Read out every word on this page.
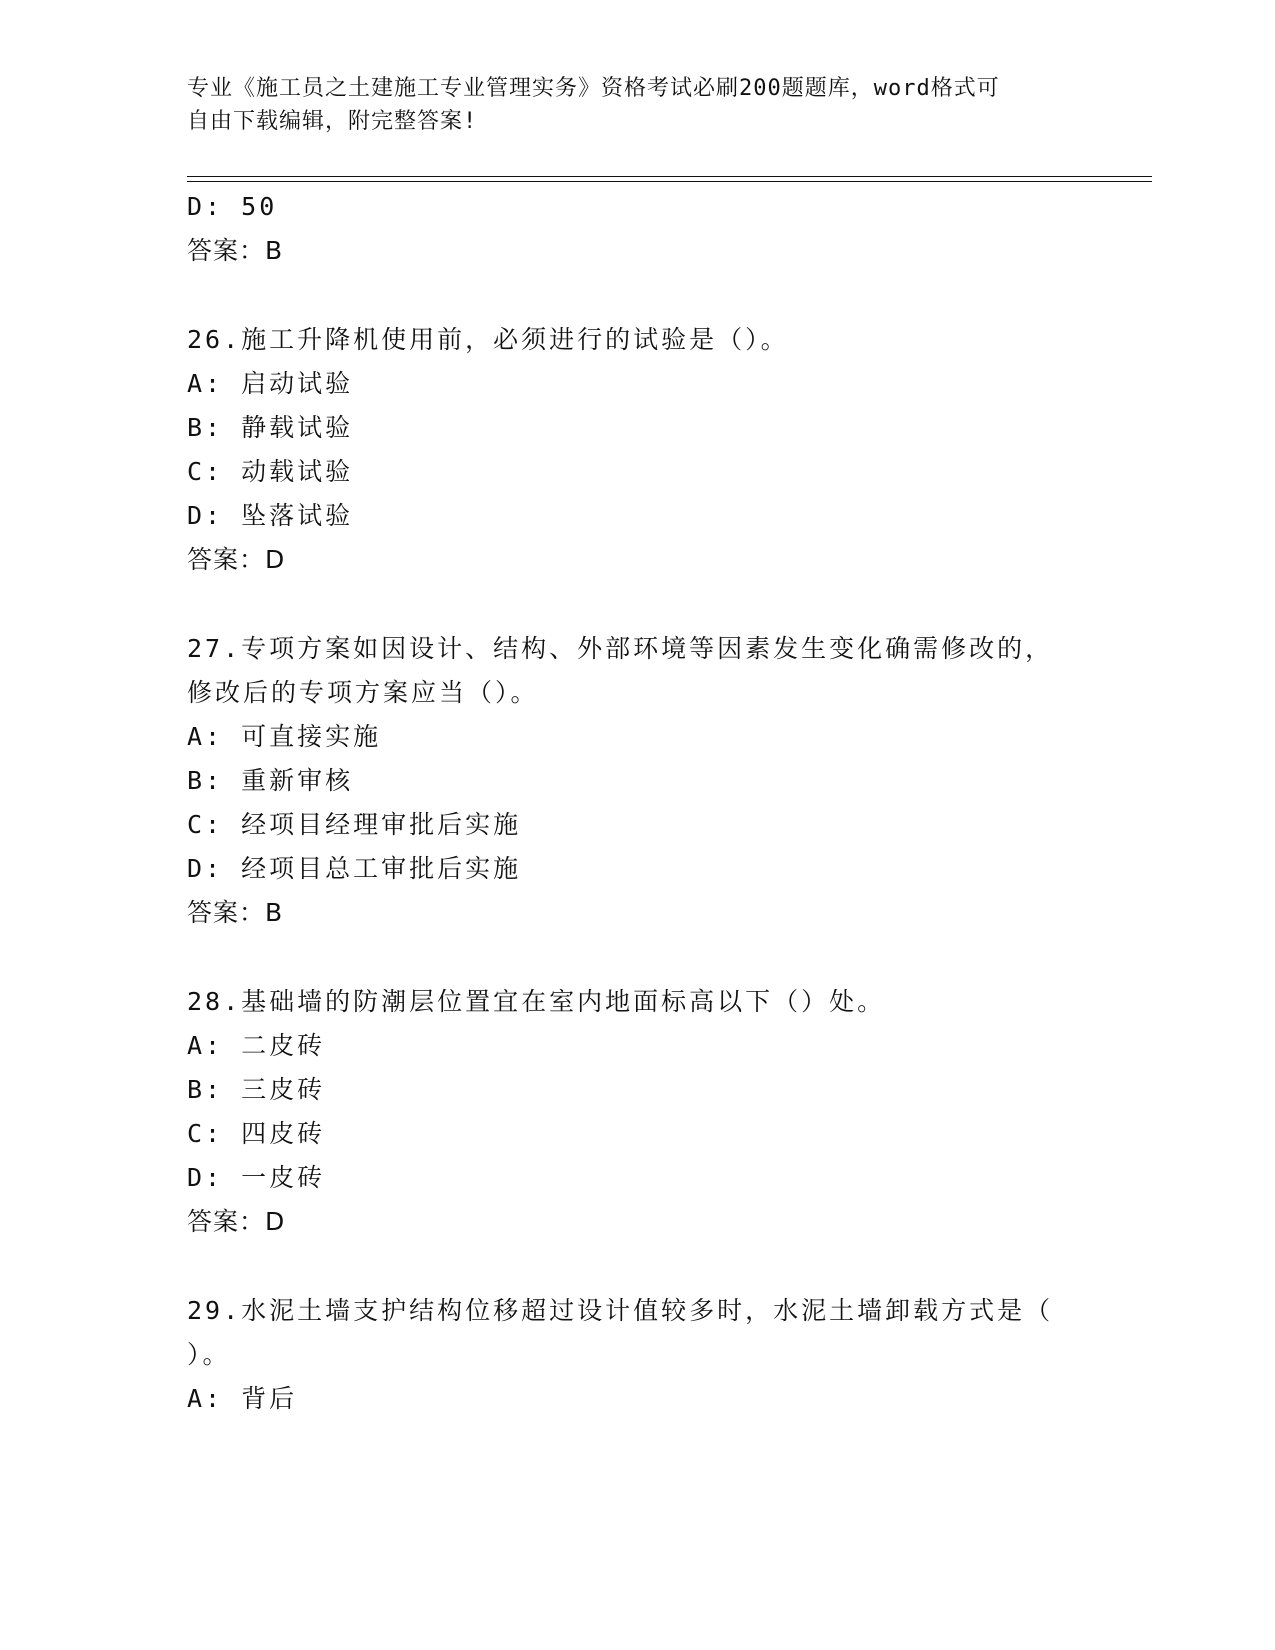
专业《施工员之土建施工专业管理实务》资格考试必刷200题题库，word格式可
自由下载编辑，附完整答案!
D: 50
答案：B
26.施工升降机使用前，必须进行的试验是（）。
A: 启动试验
B: 静载试验
C: 动载试验
D: 坠落试验
答案：D
27.专项方案如因设计、结构、外部环境等因素发生变化确需修改的，
修改后的专项方案应当（）。
A: 可直接实施
B: 重新审核
C: 经项目经理审批后实施
D: 经项目总工审批后实施
答案：B
28.基础墙的防潮层位置宜在室内地面标高以下（）处。
A: 二皮砖
B: 三皮砖
C: 四皮砖
D: 一皮砖
答案：D
29.水泥土墙支护结构位移超过设计值较多时，水泥土墙卸载方式是（
）。
A: 背后
